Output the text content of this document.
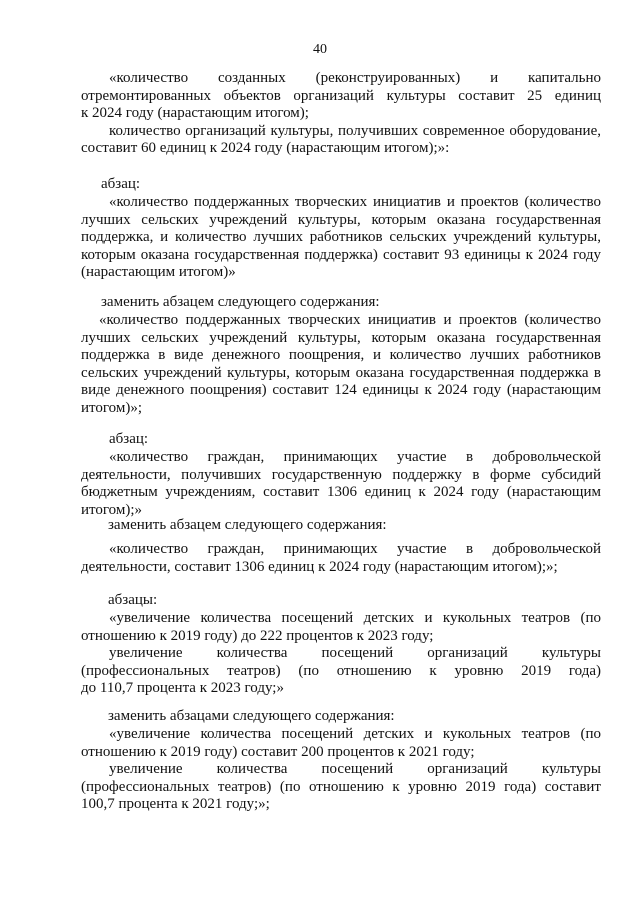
40
«количество созданных (реконструированных) и капитально
отремонтированных объектов организаций культуры составит 25 единиц
к 2024 году (нарастающим итогом);
количество организаций культуры, получивших современное оборудование,
составит 60 единиц к 2024 году (нарастающим итогом);»:
абзац:
«количество поддержанных творческих инициатив и проектов (количество
лучших сельских учреждений культуры, которым оказана государственная
поддержка, и количество лучших работников сельских учреждений культуры,
которым оказана государственная поддержка) составит 93 единицы к 2024 году
(нарастающим итогом)»
заменить абзацем следующего содержания:
«количество поддержанных творческих инициатив и проектов (количество
лучших сельских учреждений культуры, которым оказана государственная
поддержка в виде денежного поощрения, и количество лучших работников
сельских учреждений культуры, которым оказана государственная поддержка в
виде денежного поощрения) составит 124 единицы к 2024 году (нарастающим
итогом)»;
абзац:
«количество граждан, принимающих участие в добровольческой
деятельности, получивших государственную поддержку в форме субсидий
бюджетным учреждениям, составит 1306 единиц к 2024 году (нарастающим
итогом);»
заменить абзацем следующего содержания:
«количество граждан, принимающих участие в добровольческой
деятельности, составит 1306 единиц к 2024 году (нарастающим итогом);»;
абзацы:
«увеличение количества посещений детских и кукольных театров (по
отношению к 2019 году) до 222 процентов к 2023 году;
увеличение количества посещений организаций культуры
(профессиональных театров) (по отношению к уровню 2019 года)
до 110,7 процента к 2023 году;»
заменить абзацами следующего содержания:
«увеличение количества посещений детских и кукольных театров (по
отношению к 2019 году) составит 200 процентов к 2021 году;
увеличение количества посещений организаций культуры
(профессиональных театров) (по отношению к уровню 2019 года) составит
100,7 процента к 2021 году;»;
